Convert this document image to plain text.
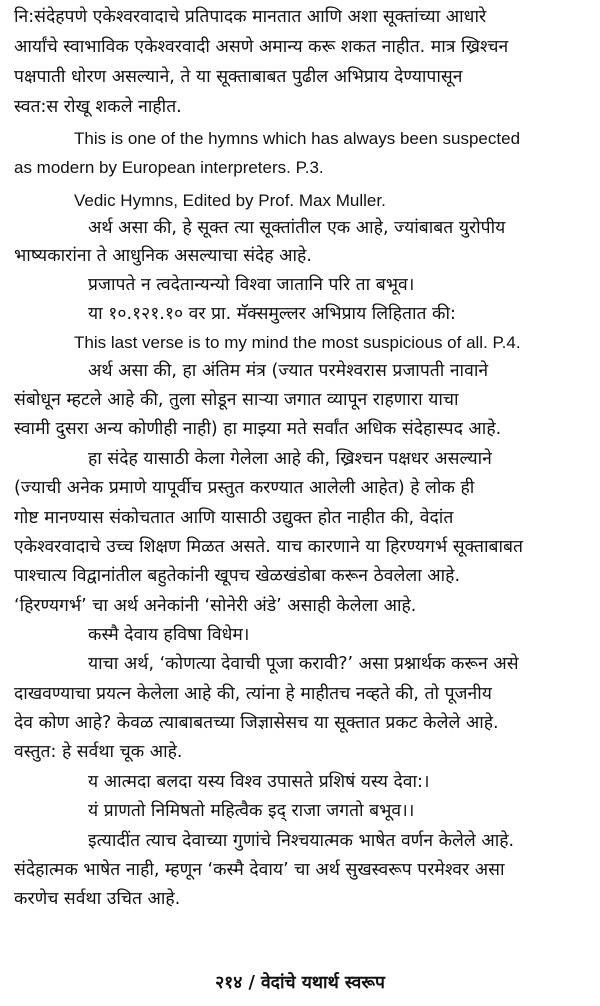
नि:संदेहपणे एकेश्वरवादाचे प्रतिपादक मानतात आणि अशा सूक्तांच्या आधारे
आर्यांचे स्वाभाविक एकेश्वरवादी असणे अमान्य करू शकत नाहीत. मात्र ख्रिश्चन
पक्षपाती धोरण असल्याने, ते या सूक्ताबाबत पुढील अभिप्राय देण्यापासून
स्वत:स रोखू शकले नाहीत.
This is one of the hymns which has always been suspected
as modern by European interpreters. P.3.
Vedic Hymns, Edited by Prof. Max Muller.
अर्थ असा की, हे सूक्त त्या सूक्तांतील एक आहे, ज्यांबाबत युरोपीय
भाष्यकारांना ते आधुनिक असल्याचा संदेह आहे.
प्रजापते न त्वदेतान्यन्यो विश्वा जातानि परि ता बभूव।
या १०.१२१.१० वर प्रा. मॅक्समुल्लर अभिप्राय लिहितात की:
This last verse is to my mind the most suspicious of all. P.4.
अर्थ असा की, हा अंतिम मंत्र (ज्यात परमेश्वरास प्रजापती नावाने
संबोधून म्हटले आहे की, तुला सोडून साऱ्या जगात व्यापून राहणारा याचा
स्वामी दुसरा अन्य कोणीही नाही) हा माझ्या मते सर्वांत अधिक संदेहास्पद आहे.
हा संदेह यासाठी केला गेलेला आहे की, ख्रिश्चन पक्षधर असल्याने
(ज्याची अनेक प्रमाणे यापूर्वीच प्रस्तुत करण्यात आलेली आहेत) हे लोक ही
गोष्ट मानण्यास संकोचतात आणि यासाठी उद्युक्त होत नाहीत की, वेदांत
एकेश्वरवादाचे उच्च शिक्षण मिळत असते. याच कारणाने या हिरण्यगर्भ सूक्ताबाबत
पाश्चात्य विद्वानांतील बहुतेकांनी खूपच खेळखंडोबा करून ठेवलेला आहे.
‘हिरण्यगर्भ’ चा अर्थ अनेकांनी ‘सोनेरी अंडे’ असाही केलेला आहे.
कस्मै देवाय हविषा विधेम।
याचा अर्थ, ‘कोणत्या देवाची पूजा करावी?’ असा प्रश्नार्थक करून असे
दाखवण्याचा प्रयत्न केलेला आहे की, त्यांना हे माहीतच नव्हते की, तो पूजनीय
देव कोण आहे? केवळ त्याबाबतच्या जिज्ञासेसच या सूक्तात प्रकट केलेले आहे.
वस्तुत: हे सर्वथा चूक आहे.
य आत्मदा बलदा यस्य विश्व उपासते प्रशिषं यस्य देवा:।
यं प्राणतो निमिषतो महित्वैक इद् राजा जगतो बभूव।।
इत्यादींत त्याच देवाच्या गुणांचे निश्चयात्मक भाषेत वर्णन केलेले आहे.
संदेहात्मक भाषेत नाही, म्हणून ‘कस्मै देवाय’ चा अर्थ सुखस्वरूप परमेश्वर असा
करणेच सर्वथा उचित आहे.
२१४ / वेदांचे यथार्थ स्वरूप
